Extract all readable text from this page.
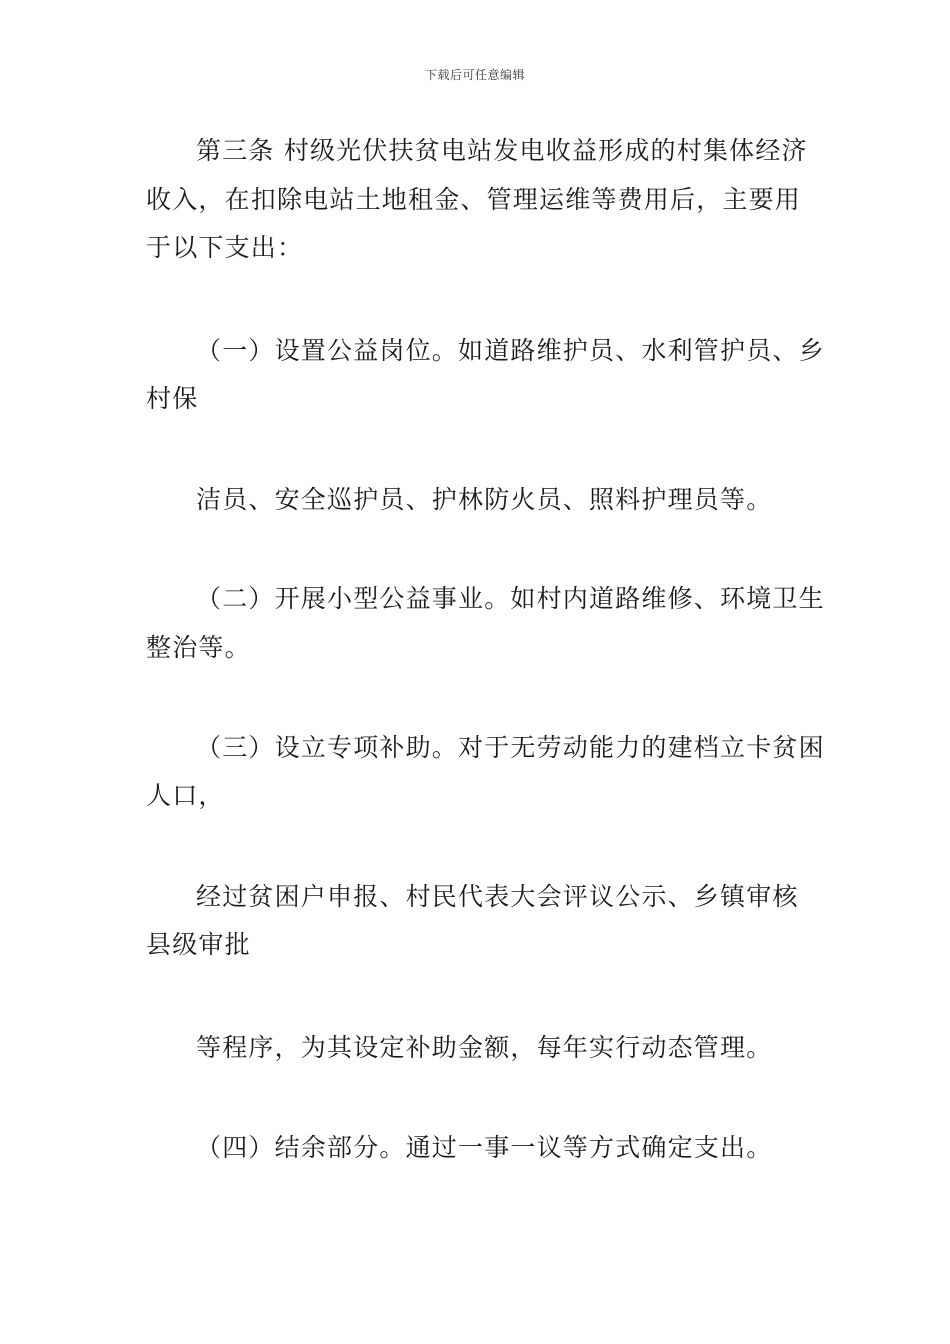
下载后可任意编辑
第三条 村级光伏扶贫电站发电收益形成的村集体经济
收入，在扣除电站土地租金、管理运维等费用后，主要用
于以下支出：
（一）设置公益岗位。如道路维护员、水利管护员、乡
村保
洁员、安全巡护员、护林防火员、照料护理员等。
（二）开展小型公益事业。如村内道路维修、环境卫生
整治等。
（三）设立专项补助。对于无劳动能力的建档立卡贫困
人口，
经过贫困户申报、村民代表大会评议公示、乡镇审核
县级审批
等程序，为其设定补助金额，每年实行动态管理。
（四）结余部分。通过一事一议等方式确定支出。
